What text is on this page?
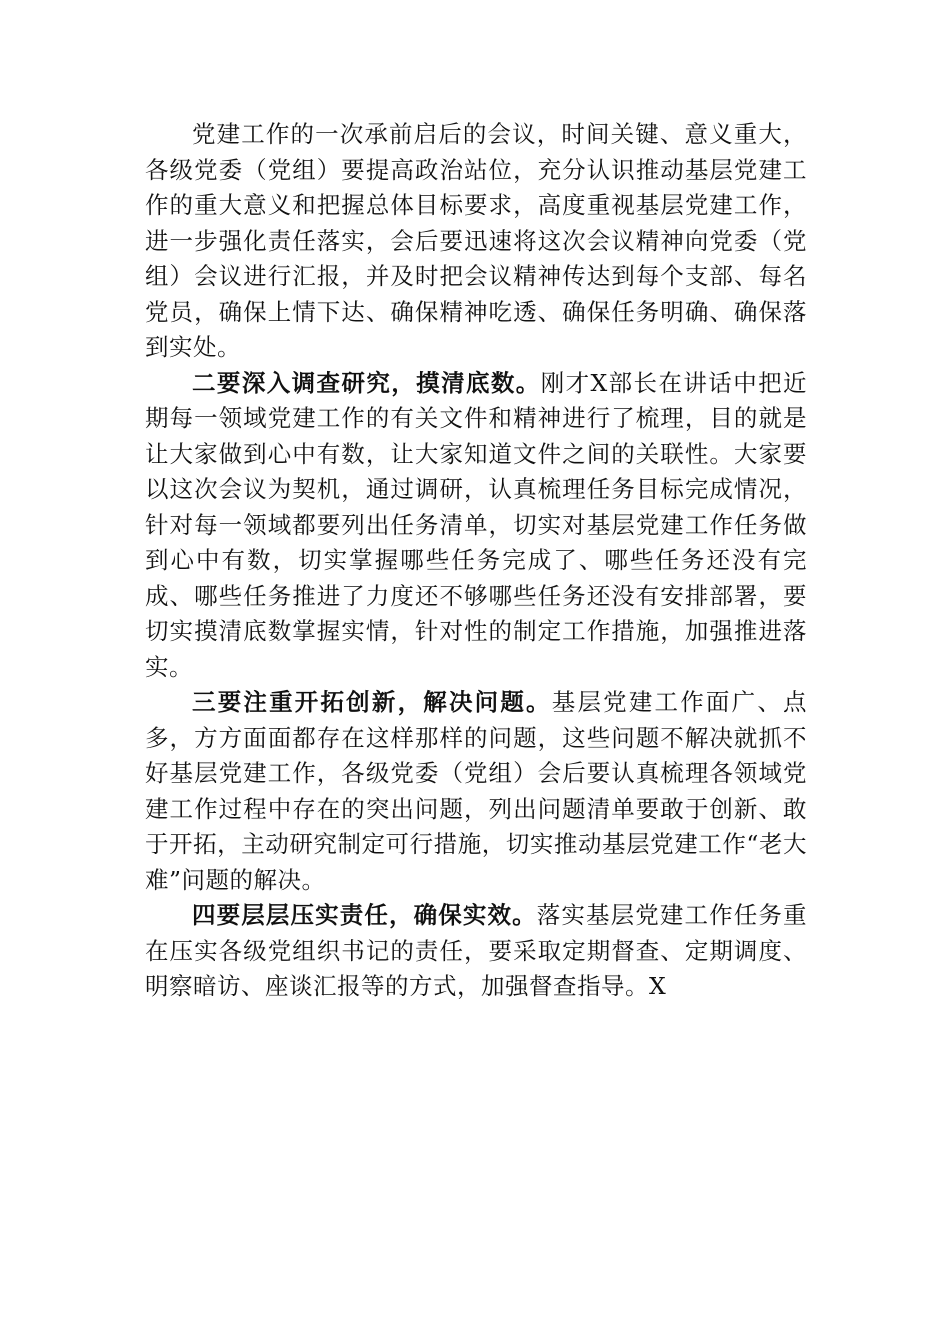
党建工作的一次承前启后的会议，时间关键、意义重大，各级党委（党组）要提高政治站位，充分认识推动基层党建工作的重大意义和把握总体目标要求，高度重视基层党建工作，进一步强化责任落实，会后要迅速将这次会议精神向党委（党组）会议进行汇报，并及时把会议精神传达到每个支部、每名党员，确保上情下达、确保精神吃透、确保任务明确、确保落到实处。

二要深入调查研究，摸清底数。刚才X部长在讲话中把近期每一领域党建工作的有关文件和精神进行了梳理，目的就是让大家做到心中有数，让大家知道文件之间的关联性。大家要以这次会议为契机，通过调研，认真梳理任务目标完成情况，针对每一领域都要列出任务清单，切实对基层党建工作任务做到心中有数，切实掌握哪些任务完成了、哪些任务还没有完成、哪些任务推进了力度还不够哪些任务还没有安排部署，要切实摸清底数掌握实情，针对性的制定工作措施，加强推进落实。

三要注重开拓创新，解决问题。基层党建工作面广、点多，方方面面都存在这样那样的问题，这些问题不解决就抓不好基层党建工作，各级党委（党组）会后要认真梳理各领域党建工作过程中存在的突出问题，列出问题清单要敢于创新、敢于开拓，主动研究制定可行措施，切实推动基层党建工作“老大难”问题的解决。

四要层层压实责任，确保实效。落实基层党建工作任务重在压实各级党组织书记的责任，要采取定期督查、定期调度、明察暗访、座谈汇报等的方式，加强督查指导。X
